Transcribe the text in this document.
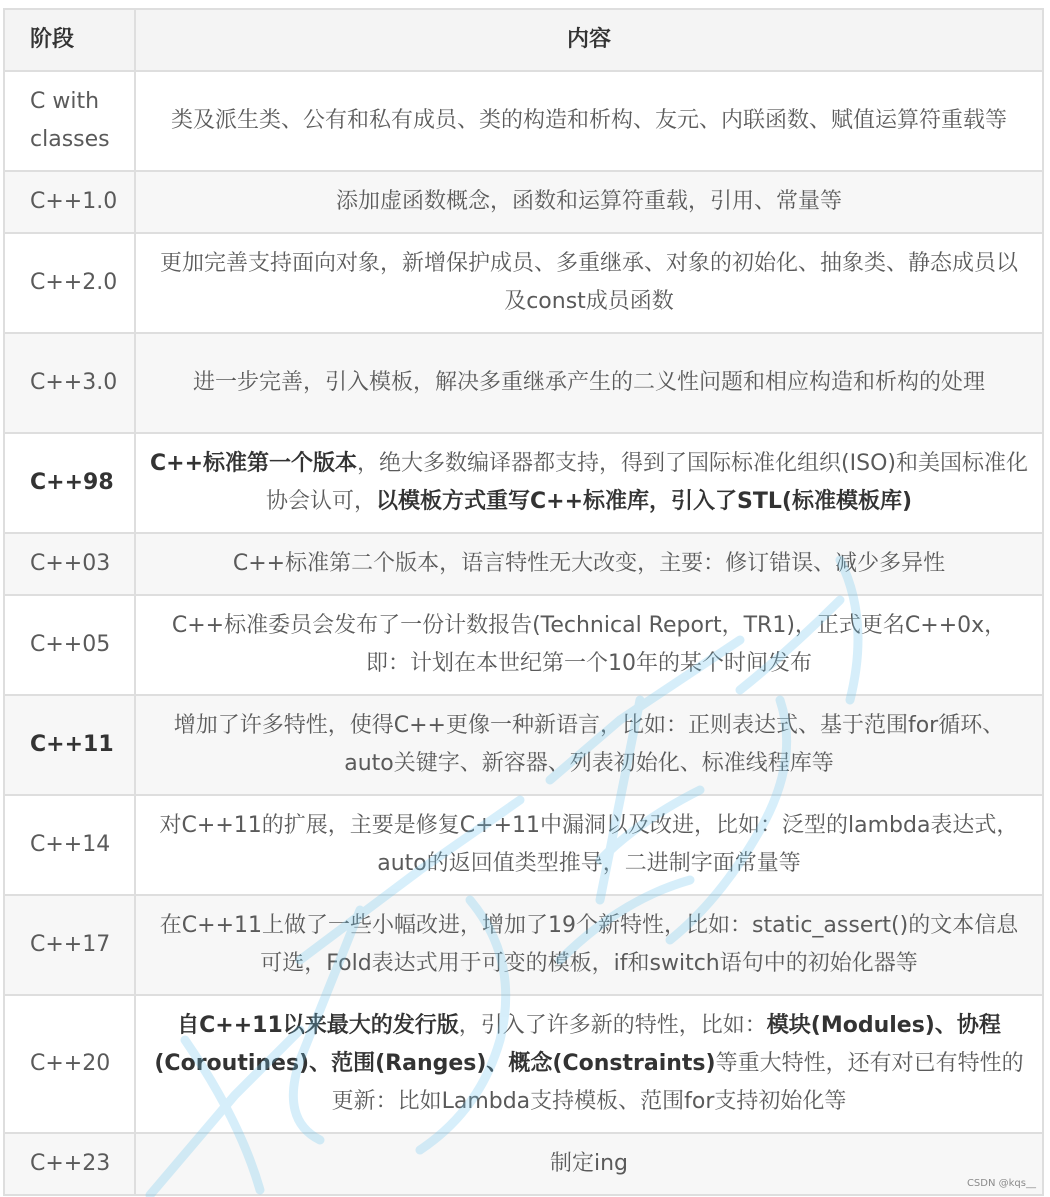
阶段	内容
C with classes	类及派生类、公有和私有成员、类的构造和析构、友元、内联函数、赋值运算符重载等
C++1.0	添加虚函数概念，函数和运算符重载，引用、常量等
C++2.0	更加完善支持面向对象，新增保护成员、多重继承、对象的初始化、抽象类、静态成员以及const成员函数
C++3.0	进一步完善，引入模板，解决多重继承产生的二义性问题和相应构造和析构的处理
C++98	C++标准第一个版本，绝大多数编译器都支持，得到了国际标准化组织(ISO)和美国标准化协会认可，以模板方式重写C++标准库，引入了STL(标准模板库)
C++03	C++标准第二个版本，语言特性无大改变，主要：修订错误、减少多异性
C++05	C++标准委员会发布了一份计数报告(Technical Report，TR1)，正式更名C++0x，即：计划在本世纪第一个10年的某个时间发布
C++11	增加了许多特性，使得C++更像一种新语言，比如：正则表达式、基于范围for循环、auto关键字、新容器、列表初始化、标准线程库等
C++14	对C++11的扩展，主要是修复C++11中漏洞以及改进，比如：泛型的lambda表达式，auto的返回值类型推导，二进制字面常量等
C++17	在C++11上做了一些小幅改进，增加了19个新特性，比如：static_assert()的文本信息可选，Fold表达式用于可变的模板，if和switch语句中的初始化器等
C++20	自C++11以来最大的发行版，引入了许多新的特性，比如：模块(Modules)、协程(Coroutines)、范围(Ranges)、概念(Constraints)等重大特性，还有对已有特性的更新：比如Lambda支持模板、范围for支持初始化等
C++23	制定ing
CSDN @kqs__
